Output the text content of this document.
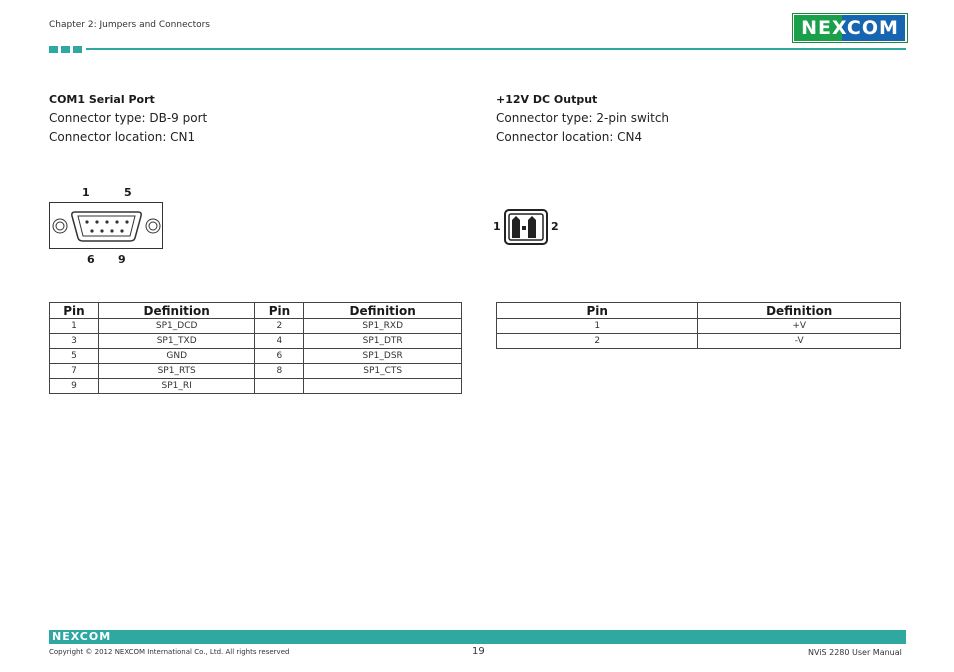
Chapter 2: Jumpers and Connectors	NEXCOM
COM1 Serial Port
Connector type: DB-9 port
Connector location: CN1
1	5
6 9
Pin	Definition	Pin	Definition
1	SP1_DCD	2	SP1_RXD
3	SP1_TXD	4	SP1_DTR
5	GND	6	SP1_DSR
7	SP1_RTS	8	SP1_CTS
9	SP1_RI		
+12V DC Output
Connector type: 2-pin switch
Connector location: CN4
1	2
Pin	Definition
1	+V
2	-V
NEXCOM
Copyright © 2012 NEXCOM International Co., Ltd. All rights reserved	19	NViS 2280 User Manual
